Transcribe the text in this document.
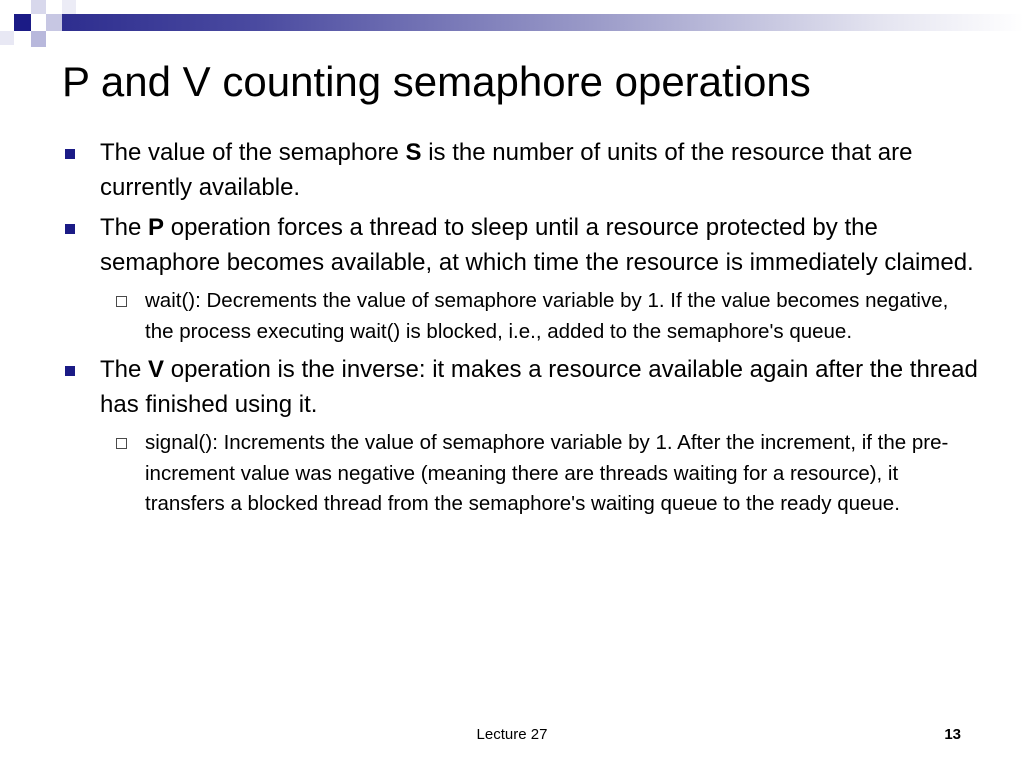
P and V counting semaphore operations
The value of the semaphore S is the number of units of the resource that are currently available.
The P operation forces a thread to sleep until a resource protected by the semaphore becomes available, at which time the resource is immediately claimed.
wait(): Decrements the value of semaphore variable by 1. If the value becomes negative, the process executing wait() is blocked, i.e., added to the semaphore's queue.
The V operation is the inverse: it makes a resource available again after the thread has finished using it.
signal(): Increments the value of semaphore variable by 1. After the increment, if the pre-increment value was negative (meaning there are threads waiting for a resource), it transfers a blocked thread from the semaphore's waiting queue to the ready queue.
Lecture 27	13
